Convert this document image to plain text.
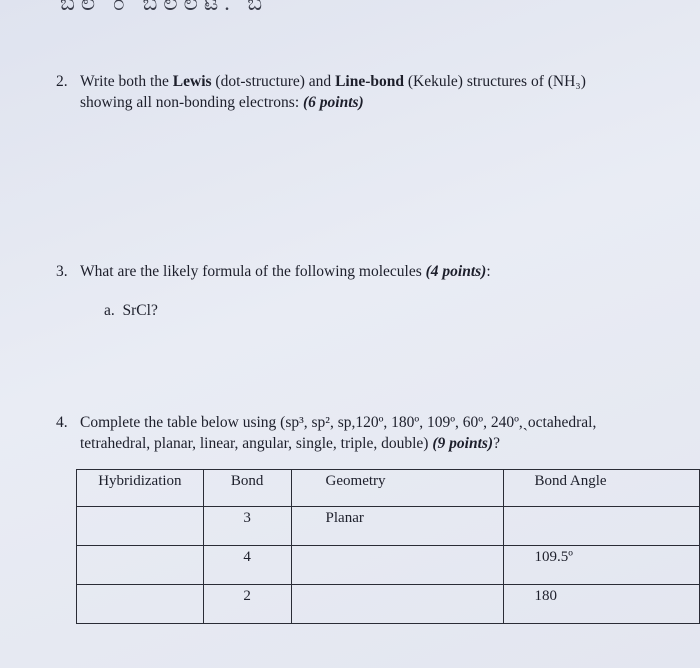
ಬಲ ೦ ಬಲಲಟ. ಬ
2. Write both the Lewis (dot-structure) and Line-bond (Kekule) structures of (NH₃)
showing all non-bonding electrons: (6 points)
3. What are the likely formula of the following molecules (4 points):
a. SrCl?
4. Complete the table below using (sp³, sp², sp,120º, 180º, 109º, 60º, 240º,ˎoctahedral,
tetrahedral, planar, linear, angular, single, triple, double) (9 points)?
Hybridization	Bond	Geometry	Bond Angle

	3	Planar	

	4		109.5º

	2		180
